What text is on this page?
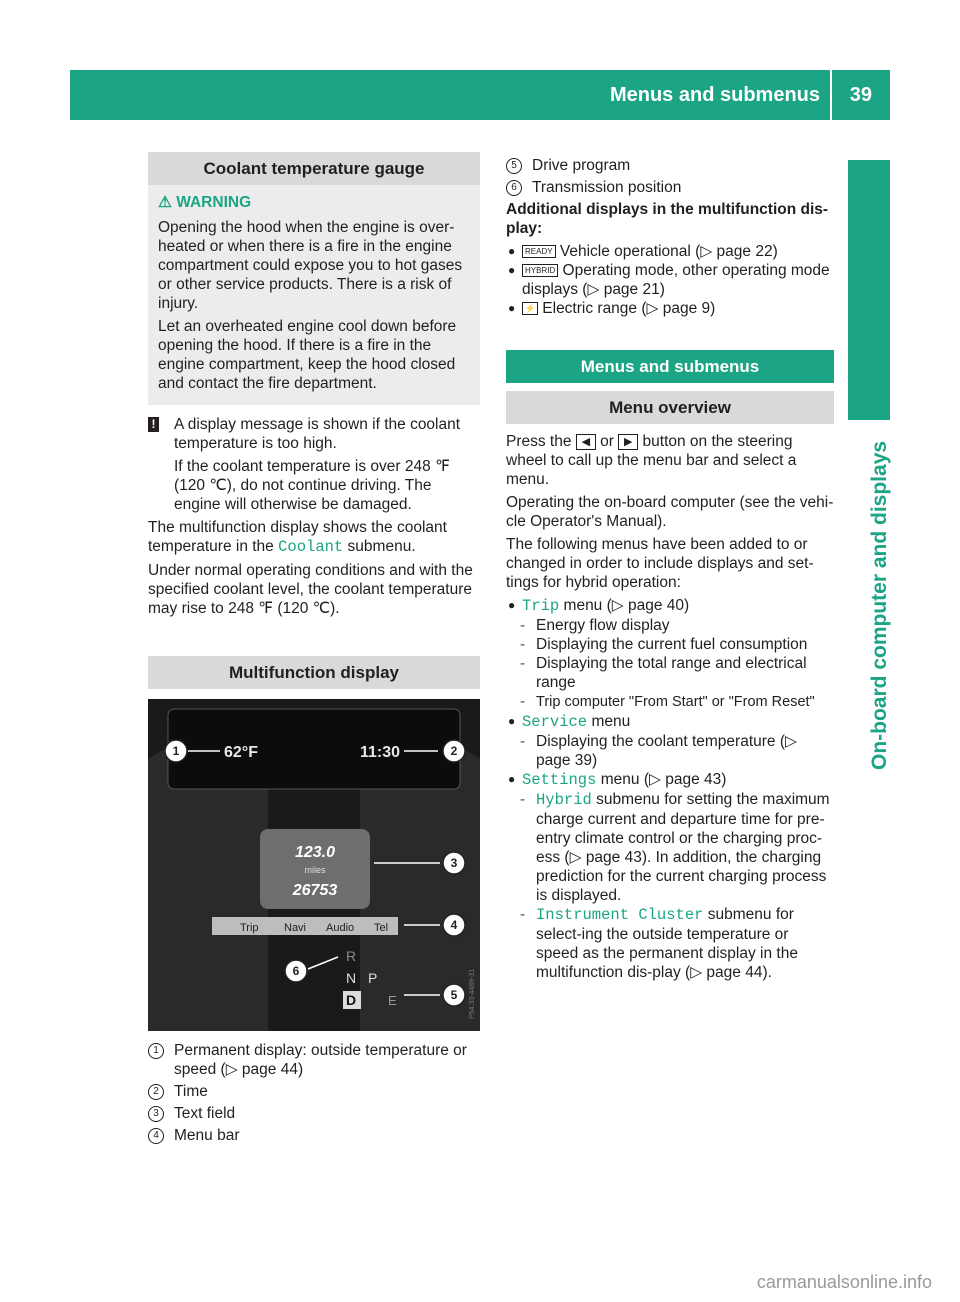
Menus and submenus 39
On-board computer and displays
Coolant temperature gauge
⚠ WARNING

Opening the hood when the engine is over-heated or when there is a fire in the engine compartment could expose you to hot gases or other service products. There is a risk of injury.

Let an overheated engine cool down before opening the hood. If there is a fire in the engine compartment, keep the hood closed and contact the fire department.

!	A display message is shown if the coolant temperature is too high.

If the coolant temperature is over 248 ℉ (120 ℃), do not continue driving. The engine will otherwise be damaged.

The multifunction display shows the coolant temperature in the Coolant submenu.

Under normal operating conditions and with the specified coolant level, the coolant temperature may rise to 248 ℉ (120 ℃).

Multifunction display
62°F	11:30
123.0
miles
26753
Trip Navi Audio Tel
R
N P
D E
1	2
3
4
5
6	P54.33-4489-31
1 Permanent display: outside temperature or speed (▷ page 44)
2 Time
3 Text field
4 Menu bar
5 Drive program
6 Transmission position

Additional displays in the multifunction dis-play:

● READY Vehicle operational (▷ page 22)
● HYBRID Operating mode, other operating mode displays (▷ page 21)
● ⚡ Electric range (▷ page 9)
Menus and submenus
Menu overview

Press the ◀ or ▶ button on the steering wheel to call up the menu bar and select a menu.

Operating the on-board computer (see the vehi-cle Operator's Manual).

The following menus have been added to or changed in order to include displays and set-tings for hybrid operation:

● Trip menu (▷ page 40)
- Energy flow display
- Displaying the current fuel consumption
- Displaying the total range and electrical range
- Trip computer "From Start" or "From Reset"
● Service menu
- Displaying the coolant temperature (▷ page 39)
● Settings menu (▷ page 43)
- Hybrid submenu for setting the maximum charge current and departure time for pre-entry climate control or the charging proc-ess (▷ page 43). In addition, the charging prediction for the current charging process is displayed.
- Instrument Cluster submenu for select-ing the outside temperature or speed as the permanent display in the multifunction dis-play (▷ page 44).
carmanualsonline.info
